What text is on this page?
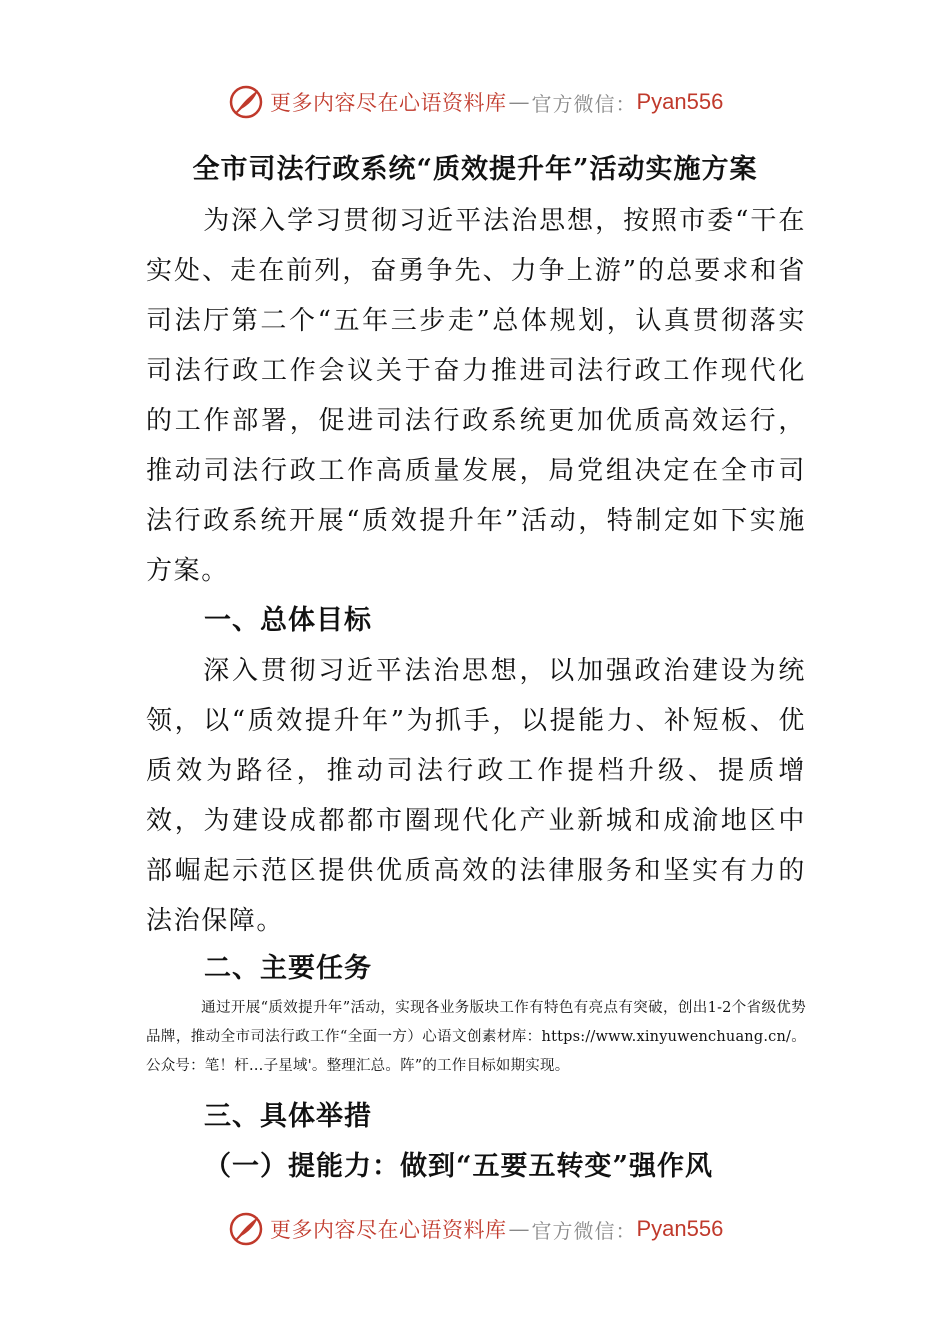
更多内容尽在心语资料库 — 官方微信： Pyan556
全市司法行政系统“质效提升年”活动实施方案

为深入学习贯彻习近平法治思想，按照市委“干在实处、走在前列，奋勇争先、力争上游”的总要求和省司法厅第二个“五年三步走”总体规划，认真贯彻落实司法行政工作会议关于奋力推进司法行政工作现代化的工作部署，促进司法行政系统更加优质高效运行，推动司法行政工作高质量发展，局党组决定在全市司法行政系统开展“质效提升年”活动，特制定如下实施方案。

一、总体目标

深入贯彻习近平法治思想，以加强政治建设为统领，以“质效提升年”为抓手，以提能力、补短板、优质效为路径，推动司法行政工作提档升级、提质增效，为建设成都都市圈现代化产业新城和成渝地区中部崛起示范区提供优质高效的法律服务和坚实有力的法治保障。

二、主要任务

通过开展“质效提升年”活动，实现各业务版块工作有特色有亮点有突破，创出1-2个省级优势品牌，推动全市司法行政工作“全面一方）心语文创素材库：https://www.xinyuwenchuang.cn/。公众号：笔！杆…子星域'。整理汇总。阵”的工作目标如期实现。

三、具体举措
（一）提能力：做到“五要五转变”强作风
更多内容尽在心语资料库 — 官方微信： Pyan556
